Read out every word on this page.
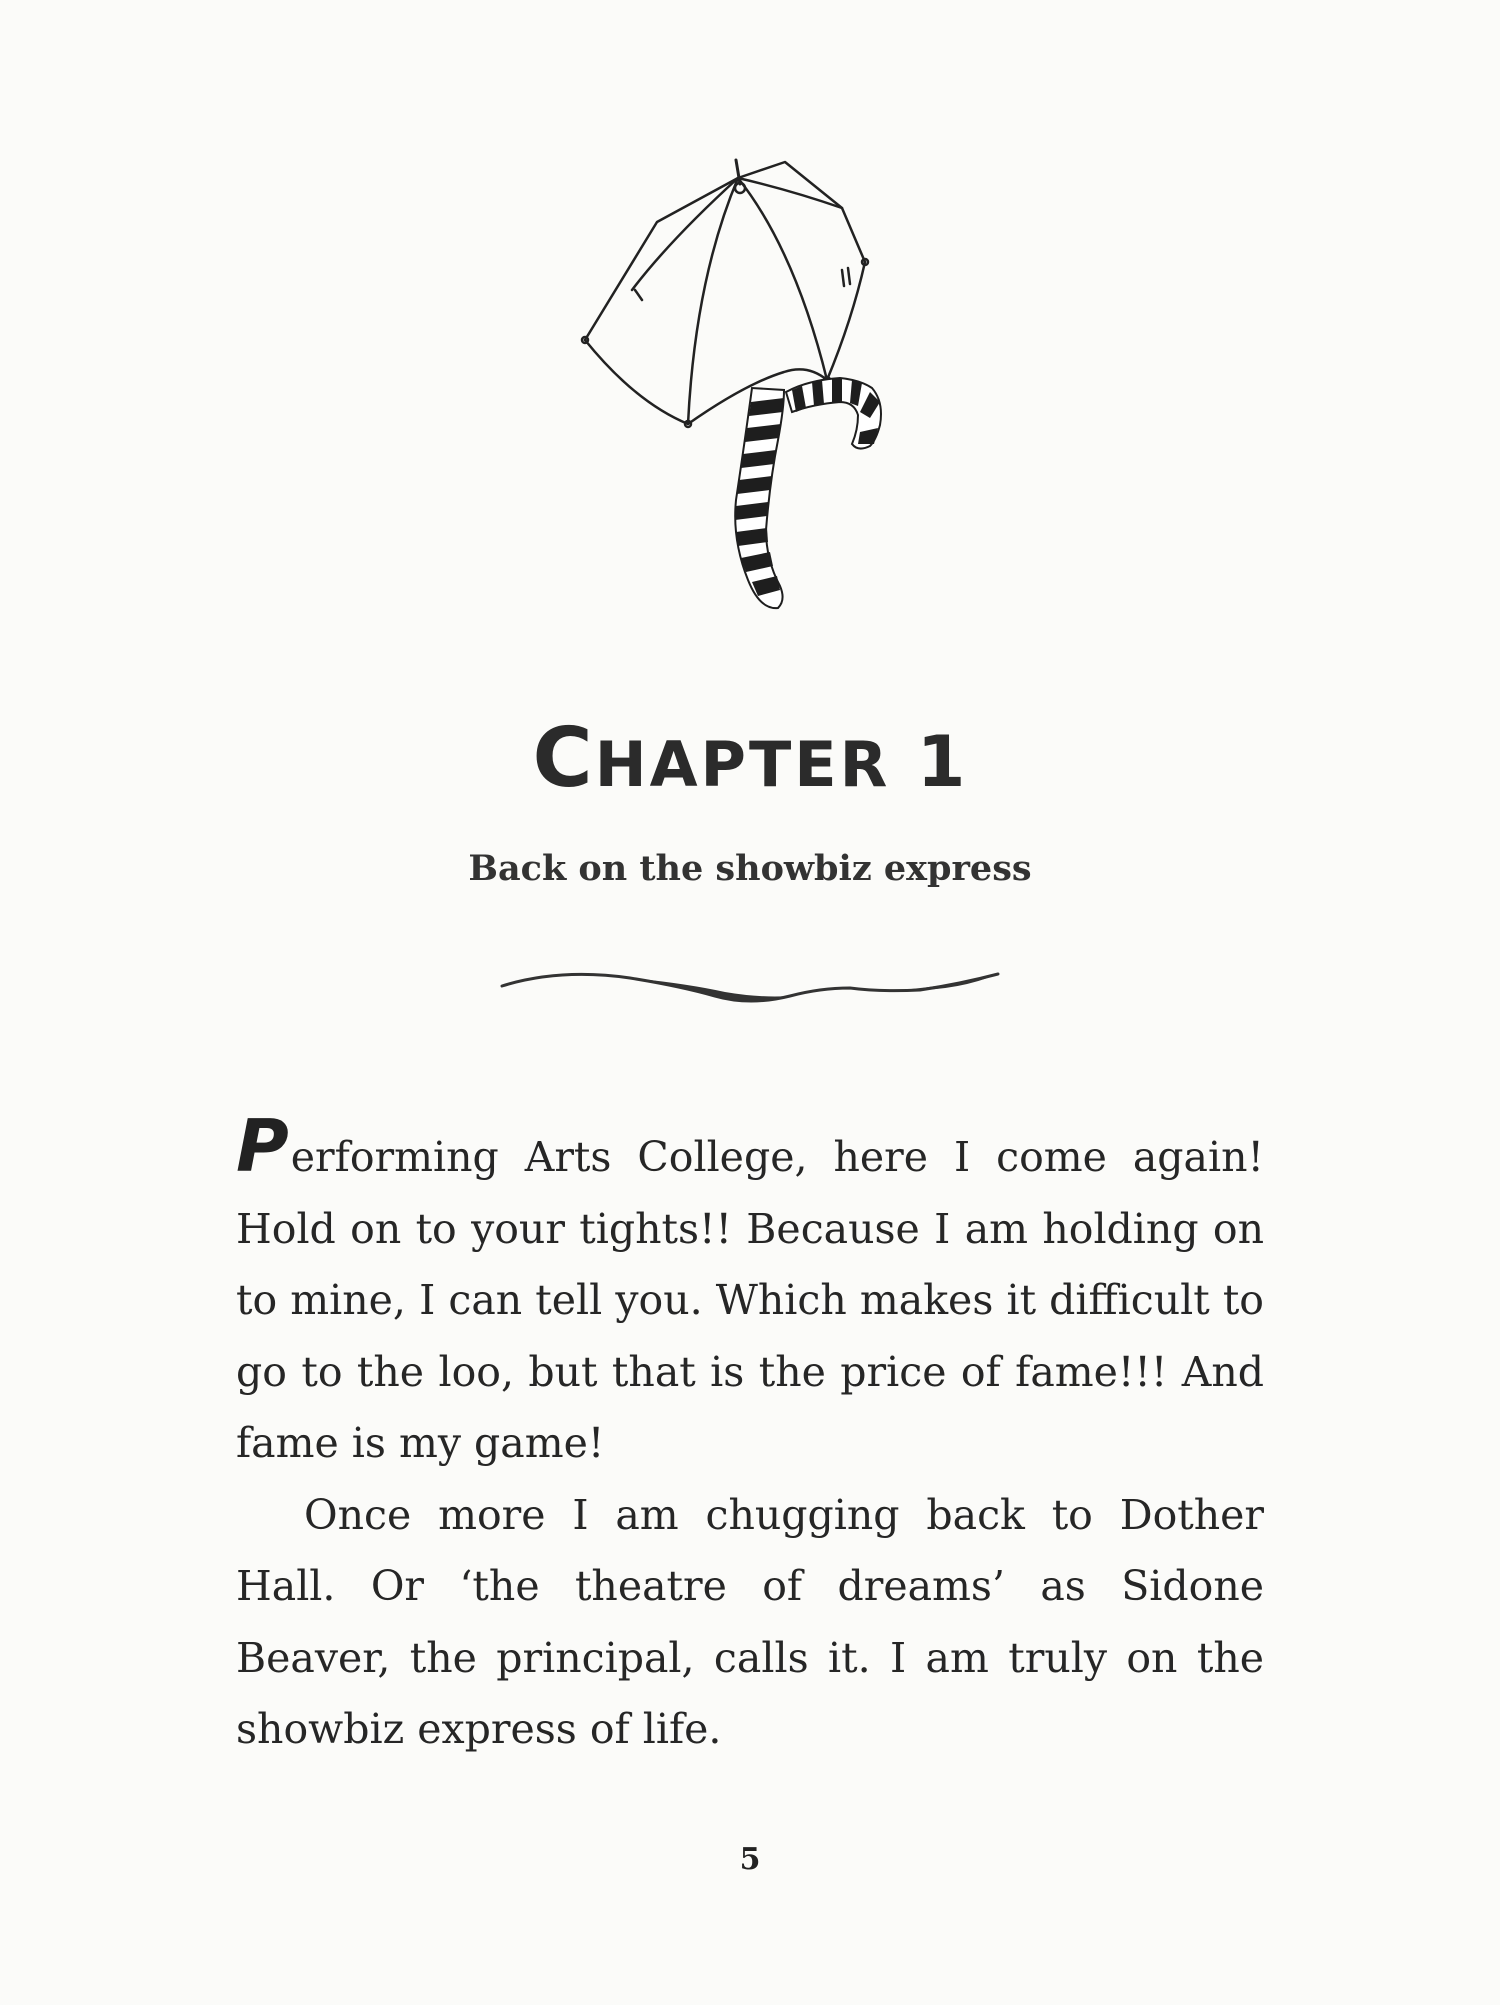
CHAPTER 1
Back on the showbiz express

Performing Arts College, here I come again! Hold on to your tights!! Because I am holding on to mine, I can tell you. Which makes it difficult to go to the loo, but that is the price of fame!!! And fame is my game!

Once more I am chugging back to Dother Hall. Or ‘the theatre of dreams’ as Sidone Beaver, the principal, calls it. I am truly on the showbiz express of life.

5
